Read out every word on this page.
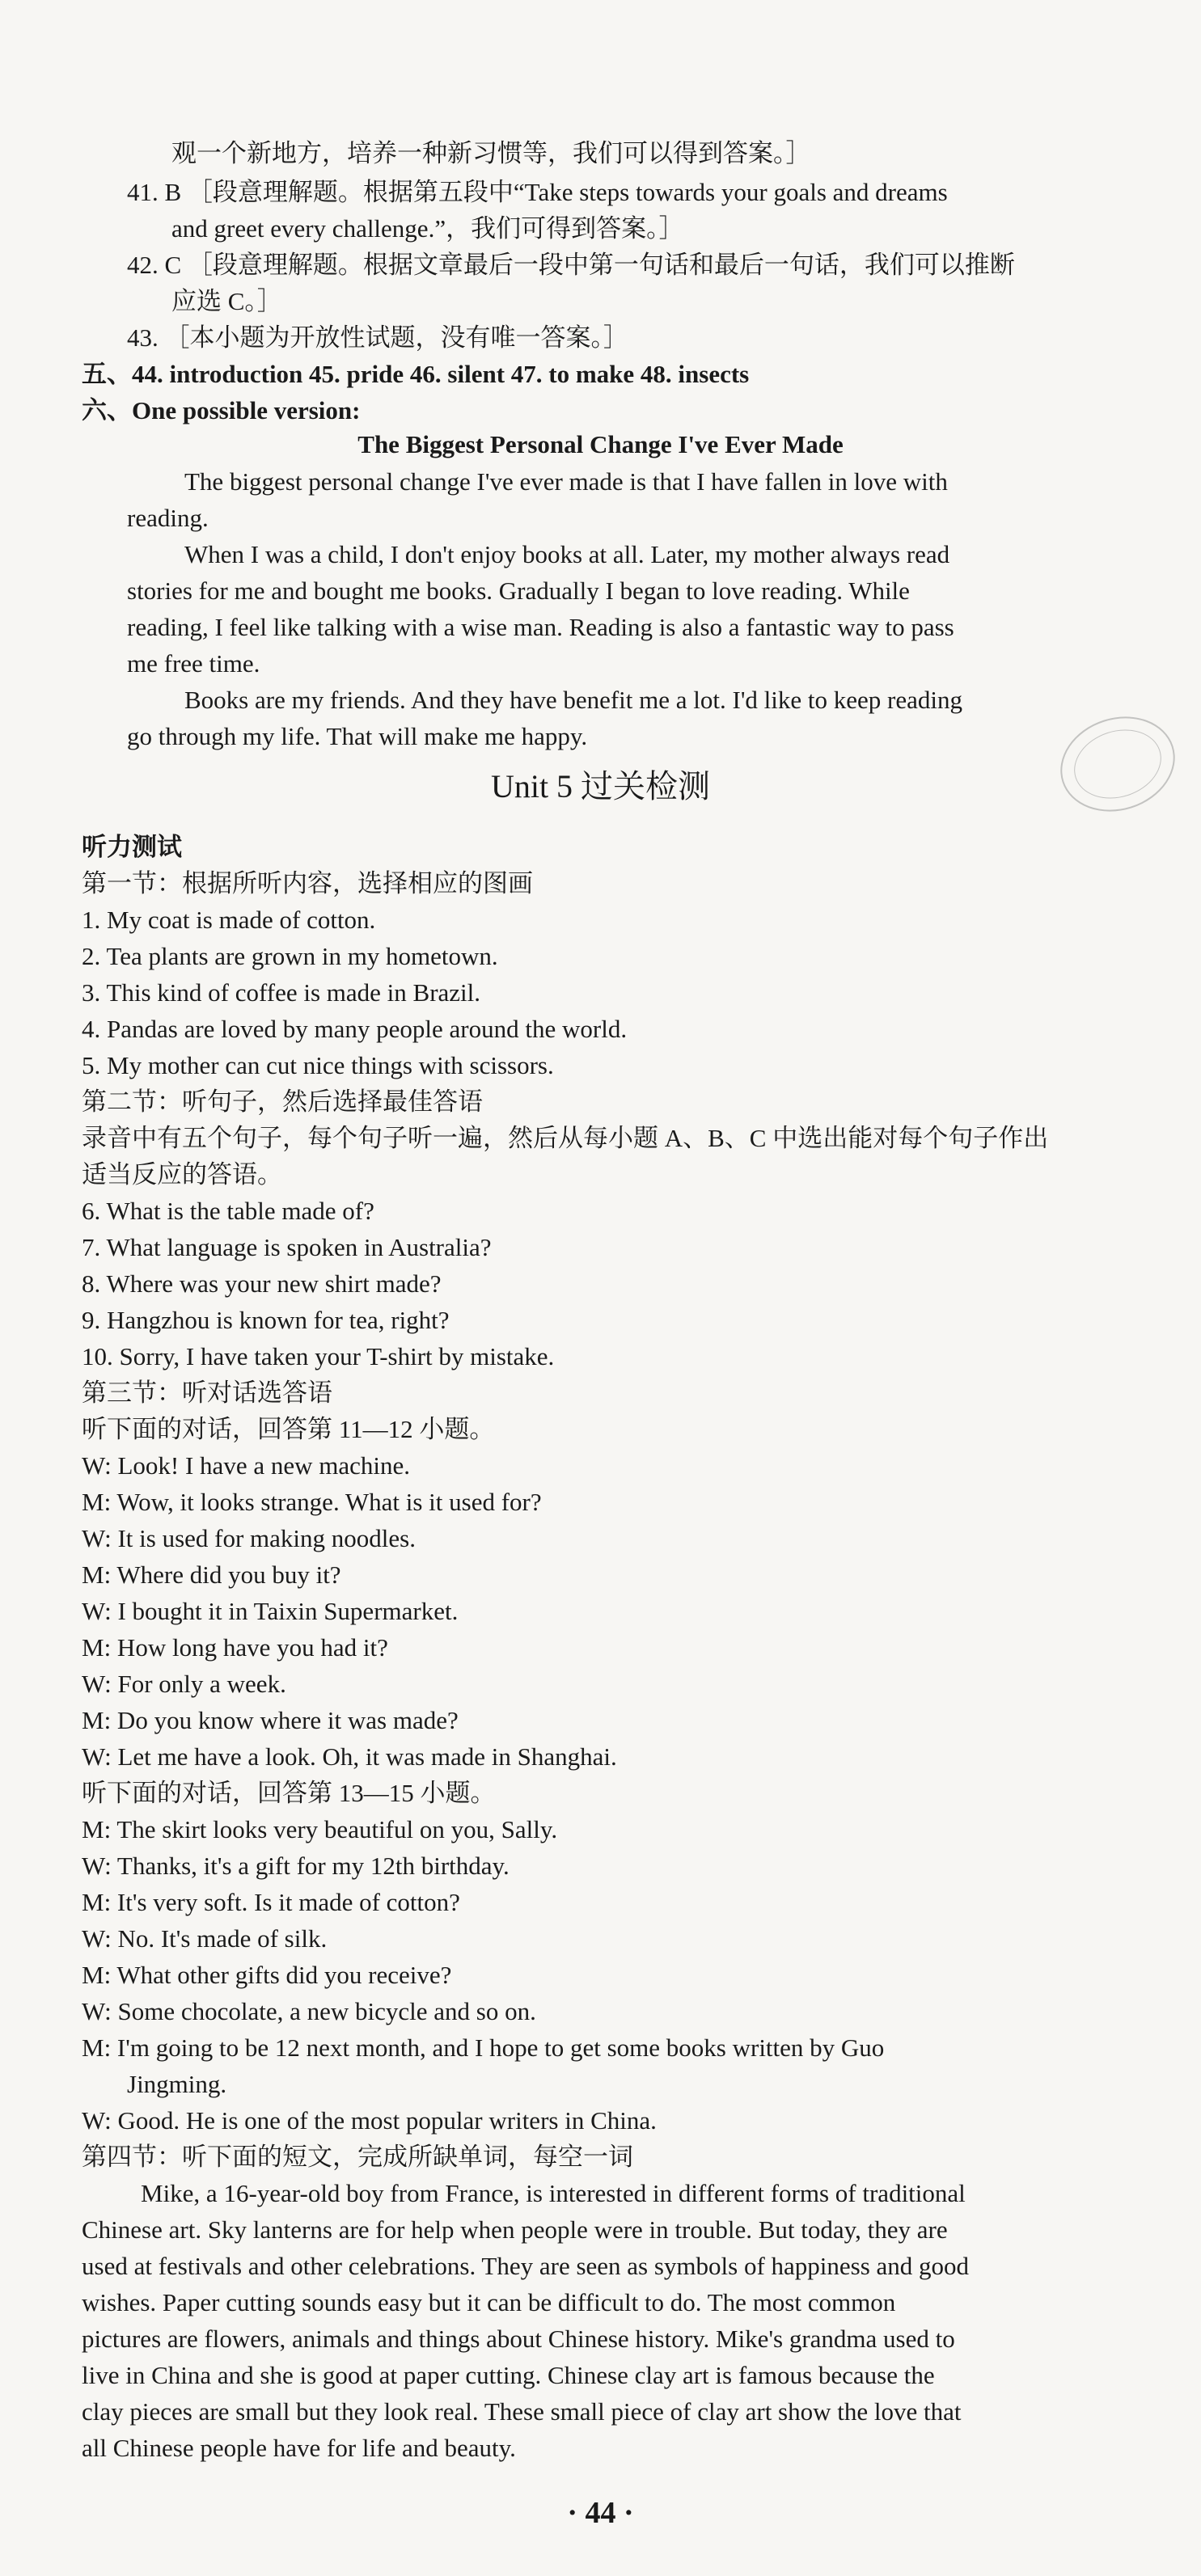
观一个新地方，培养一种新习惯等，我们可以得到答案。］
41. B ［段意理解题。根据第五段中“Take steps towards your goals and dreams
and greet every challenge.”，我们可得到答案。］
42. C ［段意理解题。根据文章最后一段中第一句话和最后一句话，我们可以推断
应选 C。］
43. ［本小题为开放性试题，没有唯一答案。］
五、44. introduction 45. pride 46. silent 47. to make 48. insects
六、One possible version:
The Biggest Personal Change I've Ever Made
The biggest personal change I've ever made is that I have fallen in love with
reading.
When I was a child, I don't enjoy books at all. Later, my mother always read
stories for me and bought me books. Gradually I began to love reading. While
reading, I feel like talking with a wise man. Reading is also a fantastic way to pass
me free time.
Books are my friends. And they have benefit me a lot. I'd like to keep reading
go through my life. That will make me happy.
Unit 5 过关检测
听力测试
第一节：根据所听内容，选择相应的图画
1. My coat is made of cotton.
2. Tea plants are grown in my hometown.
3. This kind of coffee is made in Brazil.
4. Pandas are loved by many people around the world.
5. My mother can cut nice things with scissors.
第二节：听句子，然后选择最佳答语
录音中有五个句子，每个句子听一遍，然后从每小题 A、B、C 中选出能对每个句子作出
适当反应的答语。
6. What is the table made of?
7. What language is spoken in Australia?
8. Where was your new shirt made?
9. Hangzhou is known for tea, right?
10. Sorry, I have taken your T-shirt by mistake.
第三节：听对话选答语
听下面的对话，回答第 11—12 小题。
W: Look! I have a new machine.
M: Wow, it looks strange. What is it used for?
W: It is used for making noodles.
M: Where did you buy it?
W: I bought it in Taixin Supermarket.
M: How long have you had it?
W: For only a week.
M: Do you know where it was made?
W: Let me have a look. Oh, it was made in Shanghai.
听下面的对话，回答第 13—15 小题。
M: The skirt looks very beautiful on you, Sally.
W: Thanks, it's a gift for my 12th birthday.
M: It's very soft. Is it made of cotton?
W: No. It's made of silk.
M: What other gifts did you receive?
W: Some chocolate, a new bicycle and so on.
M: I'm going to be 12 next month, and I hope to get some books written by Guo
Jingming.
W: Good. He is one of the most popular writers in China.
第四节：听下面的短文，完成所缺单词，每空一词
Mike, a 16-year-old boy from France, is interested in different forms of traditional
Chinese art. Sky lanterns are for help when people were in trouble. But today, they are
used at festivals and other celebrations. They are seen as symbols of happiness and good
wishes. Paper cutting sounds easy but it can be difficult to do. The most common
pictures are flowers, animals and things about Chinese history. Mike's grandma used to
live in China and she is good at paper cutting. Chinese clay art is famous because the
clay pieces are small but they look real. These small piece of clay art show the love that
all Chinese people have for life and beauty.
· 44 ·
